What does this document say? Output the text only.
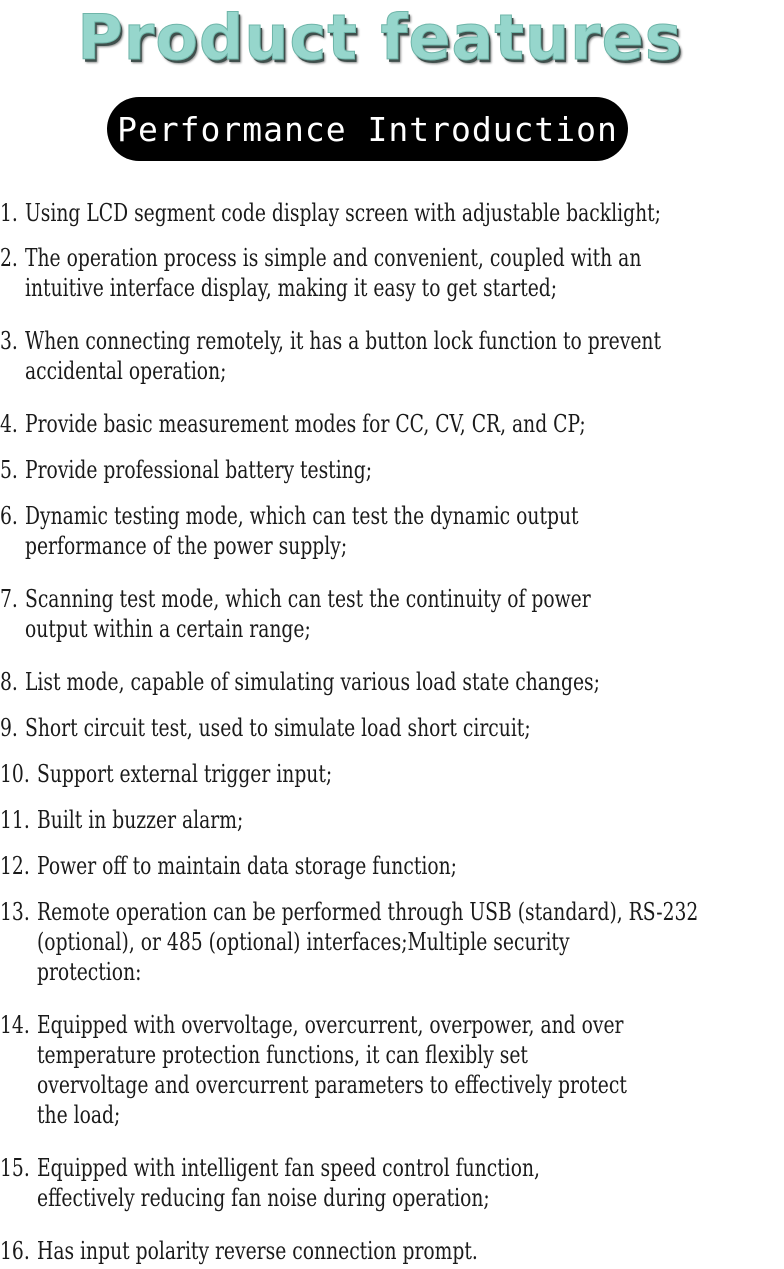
Product features
Performance Introduction
1. Using LCD segment code display screen with adjustable backlight;
2. The operation process is simple and convenient, coupled with an
intuitive interface display, making it easy to get started;
3. When connecting remotely, it has a button lock function to prevent
accidental operation;
4. Provide basic measurement modes for CC, CV, CR, and CP;
5. Provide professional battery testing;
6. Dynamic testing mode, which can test the dynamic output
performance of the power supply;
7. Scanning test mode, which can test the continuity of power
output within a certain range;
8. List mode, capable of simulating various load state changes;
9. Short circuit test, used to simulate load short circuit;
10. Support external trigger input;
11. Built in buzzer alarm;
12. Power off to maintain data storage function;
13. Remote operation can be performed through USB (standard), RS-232
(optional), or 485 (optional) interfaces;Multiple security
protection:
14. Equipped with overvoltage, overcurrent, overpower, and over
temperature protection functions, it can flexibly set
overvoltage and overcurrent parameters to effectively protect
the load;
15. Equipped with intelligent fan speed control function,
effectively reducing fan noise during operation;
16. Has input polarity reverse connection prompt.
